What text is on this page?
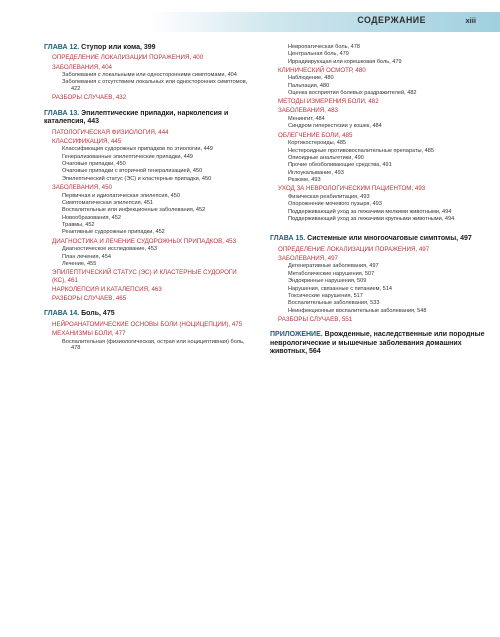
СОДЕРЖАНИЕ	xiii
ГЛАВА 12. Ступор или кома, 399
ОПРЕДЕЛЕНИЕ ЛОКАЛИЗАЦИИ ПОРАЖЕНИЯ, 400
ЗАБОЛЕВАНИЯ, 404
Заболевания с локальными или односторонними симптомами, 404
Заболевания с отсутствием локальных или односторонних симптомов, 422
РАЗБОРЫ СЛУЧАЕВ, 432
ГЛАВА 13. Эпилептические припадки, нарколепсия и каталепсия, 443
ПАТОЛОГИЧЕСКАЯ ФИЗИОЛОГИЯ, 444
КЛАССИФИКАЦИЯ, 445
Классификация судорожных припадков по этиологии, 449
Генерализованные эпилептические припадки, 449
Очаговые припадки, 450
Очаговые припадки с вторичной генерализацией, 450
Эпилептический статус (ЭС) и кластерные припадки, 450
ЗАБОЛЕВАНИЯ, 450
Первичная и идиопатическая эпилепсия, 450
Симптоматическая эпилепсия, 451
Воспалительные или инфекционные заболевания, 452
Новообразования, 452
Травмы, 452
Реактивные судорожные припадки, 452
ДИАГНОСТИКА И ЛЕЧЕНИЕ СУДОРОЖНЫХ ПРИПАДКОВ, 453
Диагностическое исследование, 453
План лечения, 454
Лечение, 455
ЭПИЛЕПТИЧЕСКИЙ СТАТУС (ЭС) И КЛАСТЕРНЫЕ СУДОРОГИ (КС), 461
НАРКОЛЕПСИЯ И КАТАЛЕПСИЯ, 463
РАЗБОРЫ СЛУЧАЕВ, 465
ГЛАВА 14. Боль, 475
НЕЙРОАНАТОМИЧЕСКИЕ ОСНОВЫ БОЛИ (НОЦИЦЕПЦИИ), 475
МЕХАНИЗМЫ БОЛИ, 477
Воспалительная (физиологическая, острая или ноцицептивная) боль, 478
Невропатическая боль, 478
Центральная боль, 479
Иррадиирующая или корешковая боль, 479
КЛИНИЧЕСКИЙ ОСМОТР, 480
Наблюдение, 480
Пальпация, 480
Оценка восприятия болевых раздражителей, 482
МЕТОДЫ ИЗМЕРЕНИЯ БОЛИ, 482
ЗАБОЛЕВАНИЯ, 483
Менингит, 484
Синдром гиперестезии у кошек, 484
ОБЛЕГЧЕНИЕ БОЛИ, 485
Кортикостероиды, 485
Нестероидные противовоспалительные препараты, 485
Опиоидные анальгетики, 490
Прочие обезболивающие средства, 491
Иглоукалывание, 493
Резюме, 493
УХОД ЗА НЕВРОЛОГИЧЕСКИМ ПАЦИЕНТОМ, 493
Физическая реабилитация, 493
Опорожнение мочевого пузыря, 493
Поддерживающий уход за лежачими мелкими животными, 494
Поддерживающий уход за лежачими крупными животными, 494
ГЛАВА 15. Системные или многоочаговые симптомы, 497
ОПРЕДЕЛЕНИЕ ЛОКАЛИЗАЦИИ ПОРАЖЕНИЯ, 497
ЗАБОЛЕВАНИЯ, 497
Дегенеративные заболевания, 497
Метаболические нарушения, 507
Эндокринные нарушения, 509
Нарушения, связанные с питанием, 514
Токсические нарушения, 517
Воспалительные заболевания, 533
Неинфекционные воспалительные заболевания, 548
РАЗБОРЫ СЛУЧАЕВ, 551
ПРИЛОЖЕНИЕ. Врожденные, наследственные или породные неврологические и мышечные заболевания домашних животных, 564
